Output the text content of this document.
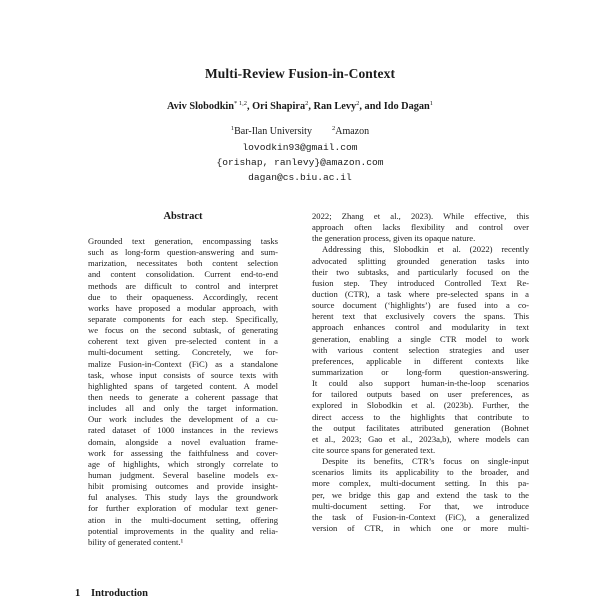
Multi-Review Fusion-in-Context
Aviv Slobodkin$^{* 1,2}$, Ori Shapira$^2$, Ran Levy$^2$, and Ido Dagan$^1$
$^1$Bar-Ilan University	$^2$Amazon
lovodkin93@gmail.com
{orishap, ranlevy}@amazon.com
dagan@cs.biu.ac.il
Abstract
Grounded text generation, encompassing tasks
such as long-form question-answering and sum-
marization, necessitates both content selection
and content consolidation. Current end-to-end
methods are difficult to control and interpret
due to their opaqueness. Accordingly, recent
works have proposed a modular approach, with
separate components for each step. Specifically,
we focus on the second subtask, of generating
coherent text given pre-selected content in a
multi-document setting. Concretely, we for-
malize Fusion-in-Context (FiC) as a standalone
task, whose input consists of source texts with
highlighted spans of targeted content. A model
then needs to generate a coherent passage that
includes all and only the target information.
Our work includes the development of a cu-
rated dataset of 1000 instances in the reviews
domain, alongside a novel evaluation frame-
work for assessing the faithfulness and cover-
age of highlights, which strongly correlate to
human judgment. Several baseline models ex-
hibit promising outcomes and provide insight-
ful analyses. This study lays the groundwork
for further exploration of modular text gener-
ation in the multi-document setting, offering
potential improvements in the quality and relia-
bility of generated content.¹
2022; Zhang et al., 2023). While effective, this
approach often lacks flexibility and control over
the generation process, given its opaque nature.
Addressing this, Slobodkin et al. (2022) recently
advocated splitting grounded generation tasks into
their two subtasks, and particularly focused on the
fusion step. They introduced Controlled Text Re-
duction (CTR), a task where pre-selected spans in a
source document (‘highlights’) are fused into a co-
herent text that exclusively covers the spans. This
approach enhances control and modularity in text
generation, enabling a single CTR model to work
with various content selection strategies and user
preferences, applicable in different contexts like
summarization or long-form question-answering.
It could also support human-in-the-loop scenarios
for tailored outputs based on user preferences, as
explored in Slobodkin et al. (2023b). Further, the
direct access to the highlights that contribute to
the output facilitates attributed generation (Bohnet
et al., 2023; Gao et al., 2023a,b), where models can
cite source spans for generated text.
Despite its benefits, CTR’s focus on single-input
scenarios limits its applicability to the broader, and
more complex, multi-document setting. In this pa-
per, we bridge this gap and extend the task to the
multi-document setting. For that, we introduce
the task of Fusion-in-Context (FiC), a generalized
version of CTR, in which one or more multi-
1 Introduction
